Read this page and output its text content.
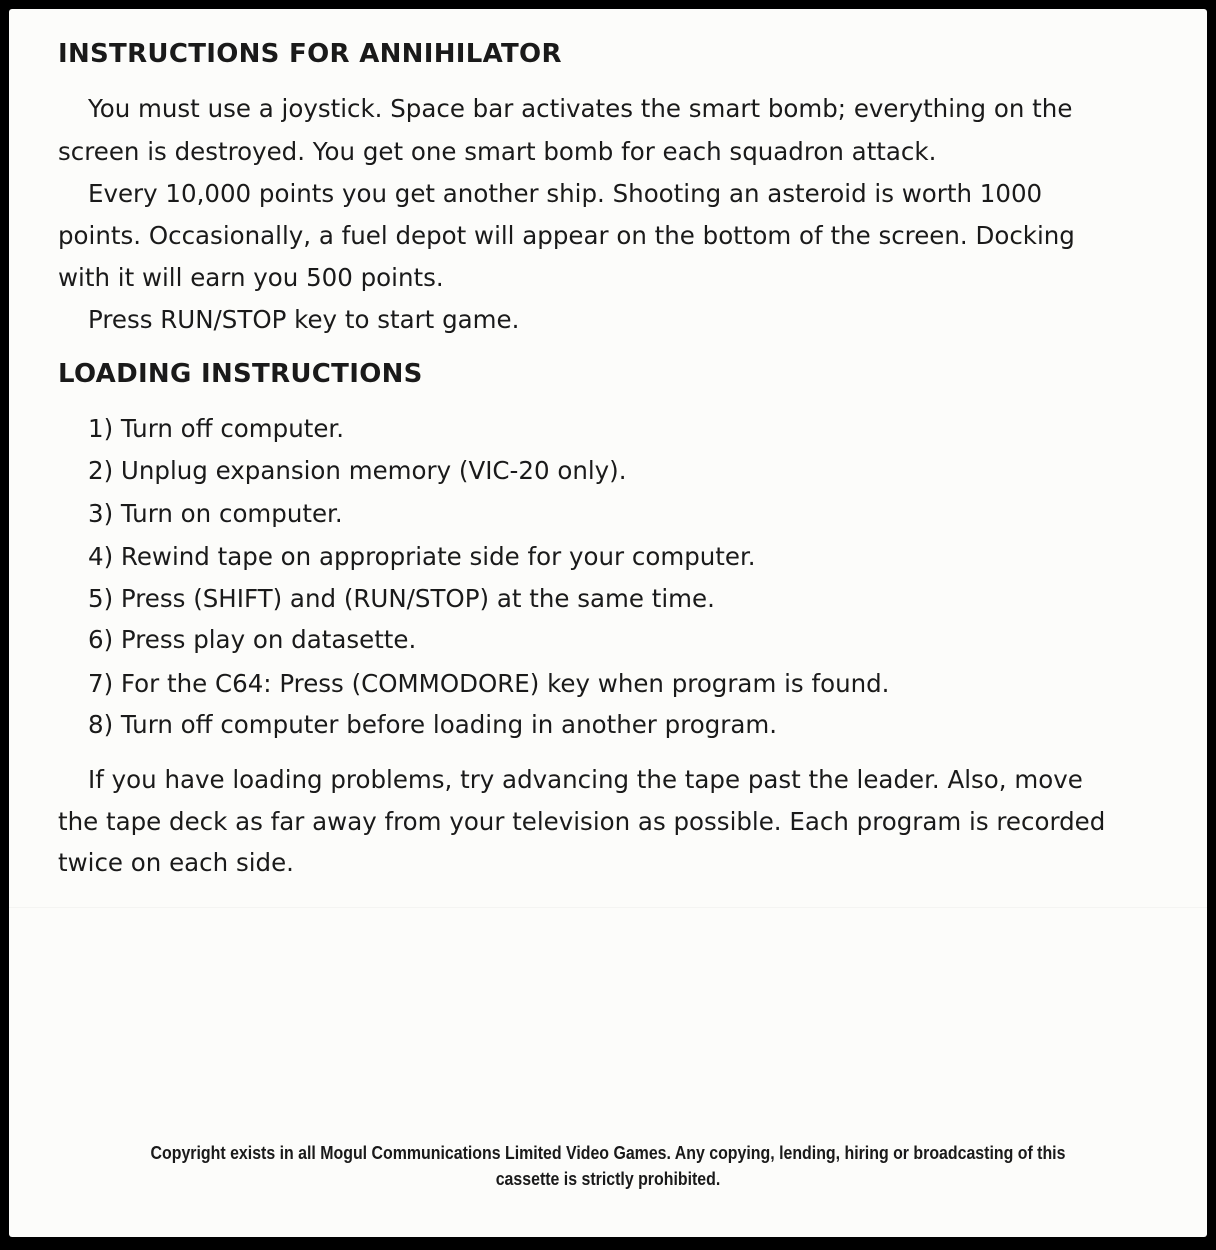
INSTRUCTIONS FOR ANNIHILATOR

You must use a joystick. Space bar activates the smart bomb; everything on the

screen is destroyed. You get one smart bomb for each squadron attack.

Every 10,000 points you get another ship. Shooting an asteroid is worth 1000

points. Occasionally, a fuel depot will appear on the bottom of the screen. Docking

with it will earn you 500 points.

Press RUN/STOP key to start game.

LOADING INSTRUCTIONS

1) Turn off computer.

2) Unplug expansion memory (VIC-20 only).

3) Turn on computer.

4) Rewind tape on appropriate side for your computer.

5) Press (SHIFT) and (RUN/STOP) at the same time.

6) Press play on datasette.

7) For the C64: Press (COMMODORE) key when program is found.

8) Turn off computer before loading in another program.

If you have loading problems, try advancing the tape past the leader. Also, move

the tape deck as far away from your television as possible. Each program is recorded

twice on each side.

Copyright exists in all Mogul Communications Limited Video Games. Any copying, lending, hiring or broadcasting of this
cassette is strictly prohibited.
